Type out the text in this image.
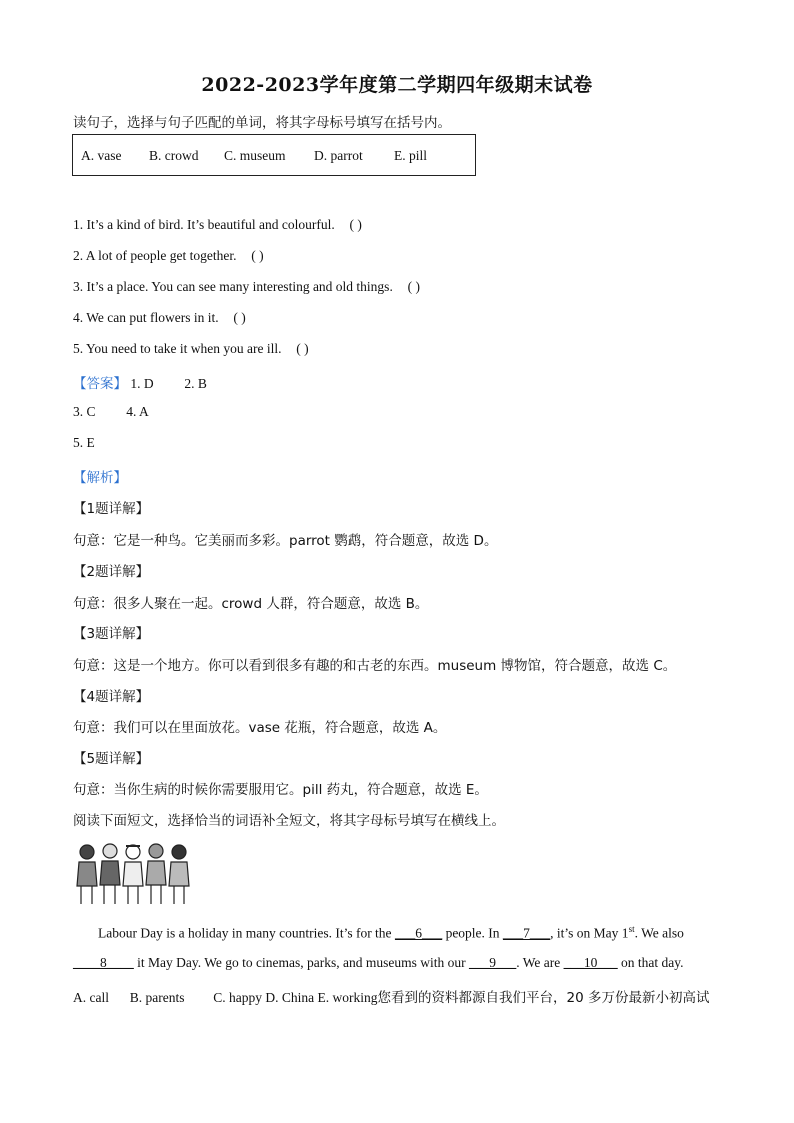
2022-2023学年度第二学期四年级期末试卷
读句子，选择与句子匹配的单词，将其字母标号填写在括号内。
A. vase B. crowd C. museum D. parrot E. pill
1. It’s a kind of bird. It’s beautiful and colourful. ( )
2. A lot of people get together. ( )
3. It’s a place. You can see many interesting and old things. ( )
4. We can put flowers in it. ( )
5. You need to take it when you are ill. ( )
【答案】 1. D 2. B
3. C 4. A
5. E
【解析】
【1题详解】
句意：它是一种鸟。它美丽而多彩。parrot 鹦鹉，符合题意，故选 D。
【2题详解】
句意：很多人聚在一起。crowd 人群，符合题意，故选 B。
【3题详解】
句意：这是一个地方。你可以看到很多有趣的和古老的东西。museum 博物馆，符合题意，故选 C。
【4题详解】
句意：我们可以在里面放花。vase 花瓶，符合题意，故选 A。
【5题详解】
句意：当你生病的时候你需要服用它。pill 药丸，符合题意，故选 E。
阅读下面短文，选择恰当的词语补全短文，将其字母标号填写在横线上。
Labour Day is a holiday in many countries. It’s for the ___6___ people. In ___7___, it’s on May 1st. We also
____8____ it May Day. We go to cinemas, parks, and museums with our ___9___. We are ___10___ on that day.
A. call B. parents C. happy D. China E. working您看到的资料都源自我们平台，20 多万份最新小初高试
